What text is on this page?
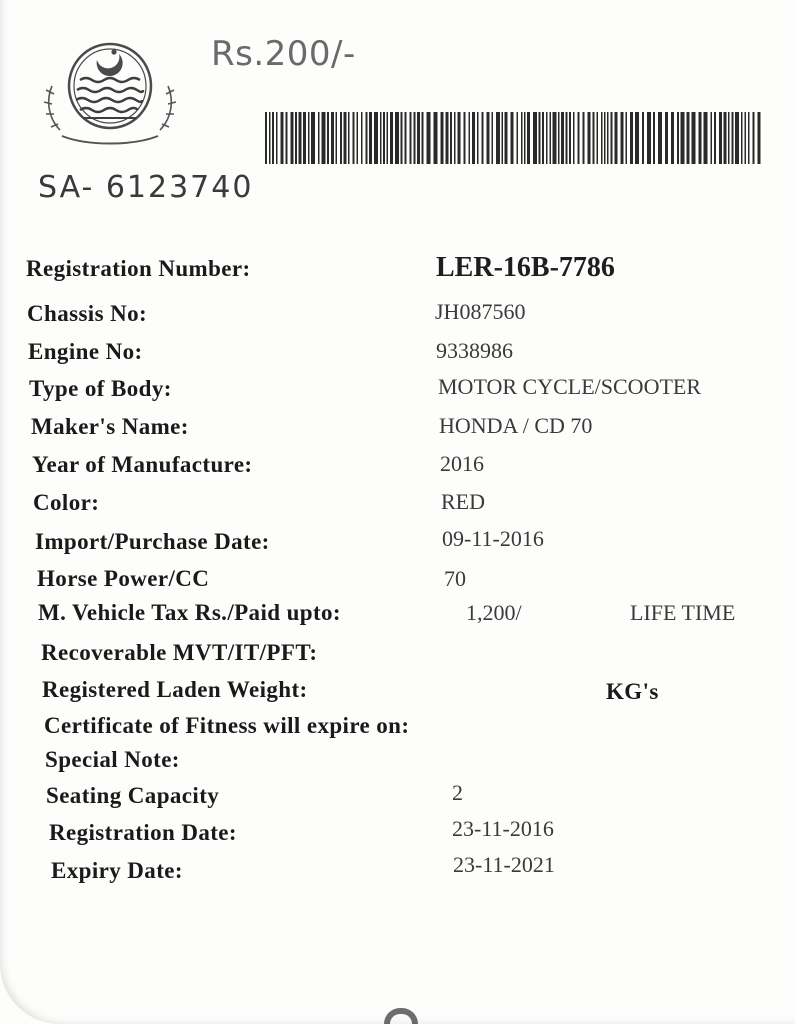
Rs.200/-
SA- 6123740
Registration Number:	LER-16B-7786
Chassis No:	JH087560
Engine No:	9338986
Type of Body:	MOTOR CYCLE/SCOOTER
Maker's Name:	HONDA / CD 70
Year of Manufacture:	2016
Color:	RED
Import/Purchase Date:	09-11-2016
Horse Power/CC	70
M. Vehicle Tax Rs./Paid upto:	1,200/	LIFE TIME
Recoverable MVT/IT/PFT:
Registered Laden Weight:	KG's
Certificate of Fitness will expire on:
Special Note:
Seating Capacity	2
Registration Date:	23-11-2016
Expiry Date:	23-11-2021
